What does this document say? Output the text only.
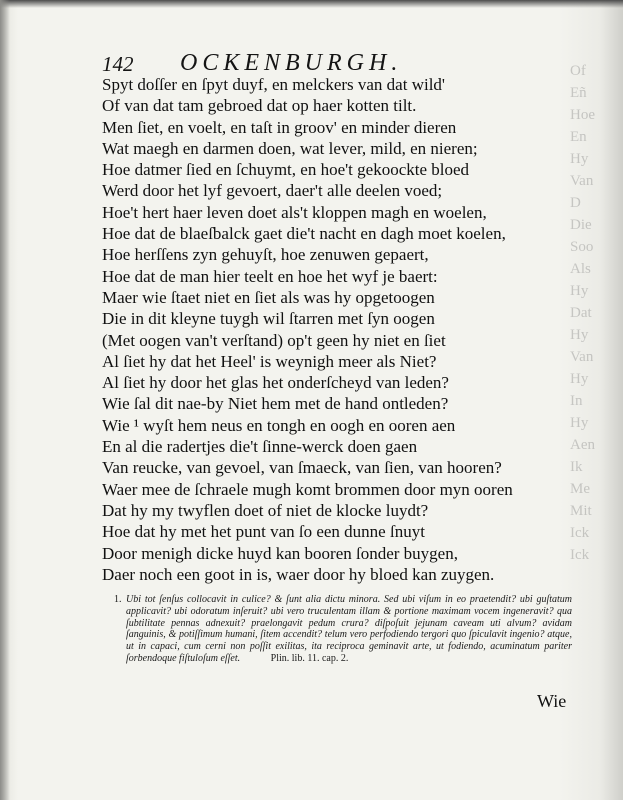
Of
Eñ
Hoe
En
Hy
Van
D
Die
Soo
Als
Hy
Dat
Hy
Van
Hy
In
Hy
Aen
Ik
Me
Mit
Ick
Ick
142 OCKENBURGH.
Spyt doſſer en ſpyt duyf, en melckers van dat wild'
Of van dat tam gebroed dat op haer kotten tilt.
Men ſiet, en voelt, en taſt in groov' en minder dieren
Wat maegh en darmen doen, wat lever, mild, en nieren;
Hoe datmer ſied en ſchuymt, en hoe't gekoockte bloed
Werd door het lyf gevoert, daer't alle deelen voed;
Hoe't hert haer leven doet als't kloppen magh en woelen,
Hoe dat de blaeſbalck gaet die't nacht en dagh moet koelen,
Hoe herſſens zyn gehuyſt, hoe zenuwen gepaert,
Hoe dat de man hier teelt en hoe het wyf je baert:
Maer wie ſtaet niet en ſiet als was hy opgetoogen
Die in dit kleyne tuygh wil ſtarren met ſyn oogen
(Met oogen van't verſtand) op't geen hy niet en ſiet
Al ſiet hy dat het Heel' is weynigh meer als Niet?
Al ſiet hy door het glas het onderſcheyd van leden?
Wie ſal dit nae-by Niet hem met de hand ontleden?
Wie ¹ wyſt hem neus en tongh en oogh en ooren aen
En al die radertjes die't ſinne-werck doen gaen
Van reucke, van gevoel, van ſmaeck, van ſien, van hooren?
Waer mee de ſchraele mugh komt brommen door myn ooren
Dat hy my twyflen doet of niet de klocke luydt?
Hoe dat hy met het punt van ſo een dunne ſnuyt
Door menigh dicke huyd kan booren ſonder buygen,
Daer noch een goot in is, waer door hy bloed kan zuygen.
1. Ubi tot ſenſus collocavit in culice? & ſunt alia dictu minora. Sed ubi viſum in eo praetendit? ubi guſtatum applicavit? ubi odoratum inſeruit? ubi vero truculentam illam & portione maximam vocem ingeneravit? qua ſubtilitate pennas adnexuit? praelongavit pedum crura? diſpoſuit jejunam caveam uti alvum? avidam ſanguinis, & potiſſimum humani, ſitem accendit? telum vero perfodiendo tergori quo ſpiculavit ingenio? atque, ut in capaci, cum cerni non poſſit exilitas, ita reciproca geminavit arte, ut fodiendo, acuminatum pariter ſorbendoque fiſtuloſum eſſet.	Plin. lib. 11. cap. 2.
Wie
